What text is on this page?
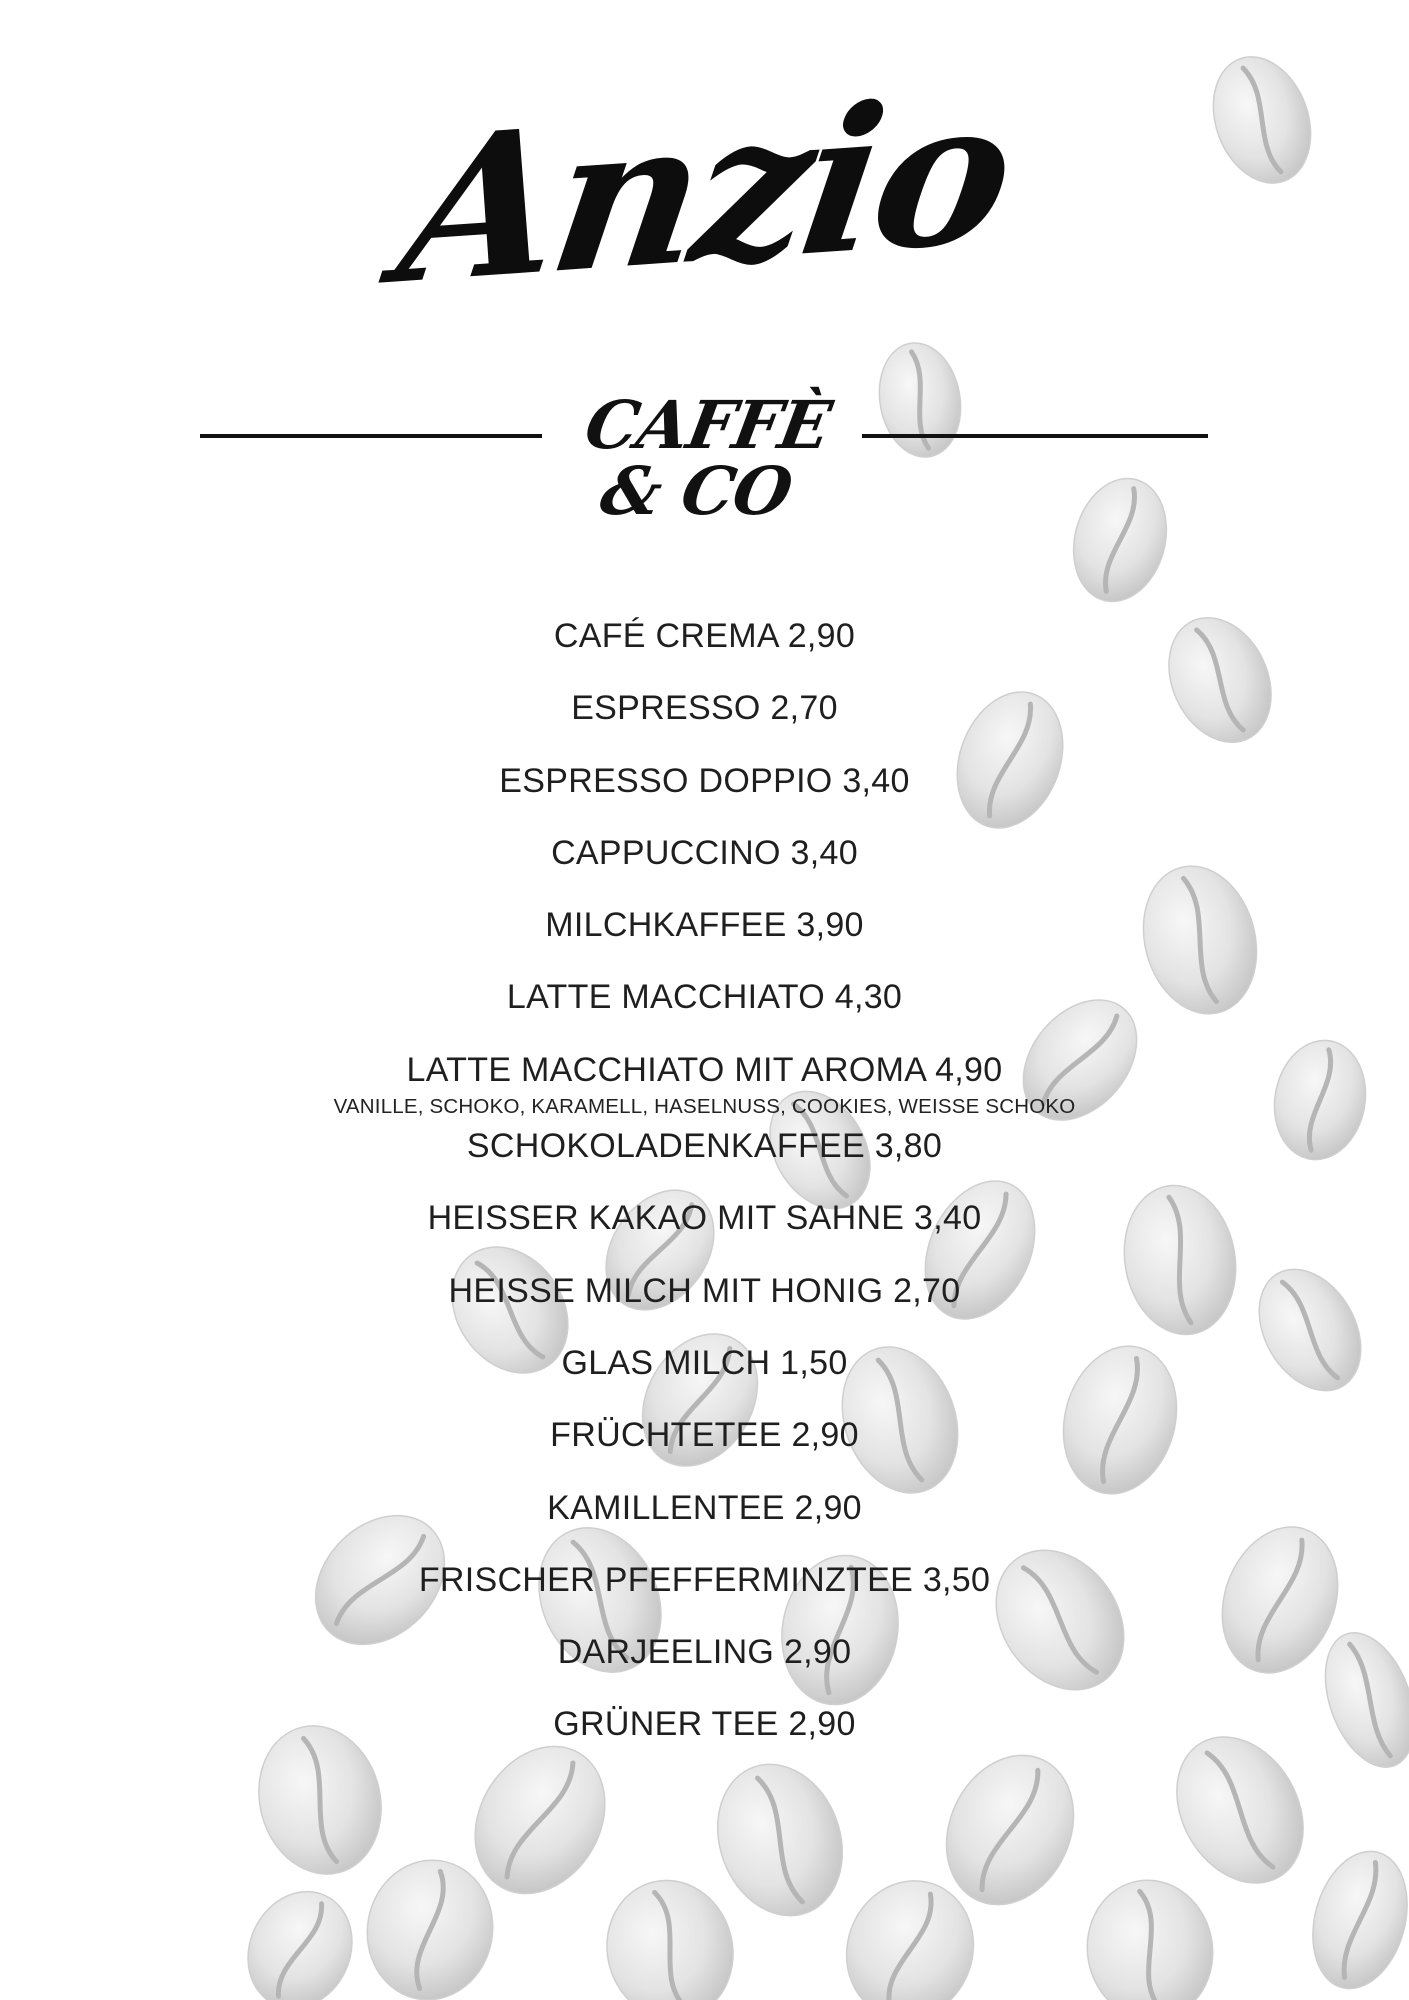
Anzio
CAFFÈ & CO
CAFÉ CREMA 2,90
ESPRESSO 2,70
ESPRESSO DOPPIO 3,40
CAPPUCCINO 3,40
MILCHKAFFEE 3,90
LATTE MACCHIATO 4,30
LATTE MACCHIATO MIT AROMA 4,90
VANILLE, SCHOKO, KARAMELL, HASELNUSS, COOKIES, WEISSE SCHOKO
SCHOKOLADENKAFFEE 3,80
HEISSER KAKAO MIT SAHNE 3,40
HEISSE MILCH MIT HONIG 2,70
GLAS MILCH 1,50
FRÜCHTETEE 2,90
KAMILLENTEE 2,90
FRISCHER PFEFFERMINZTEE 3,50
DARJEELING 2,90
GRÜNER TEE 2,90
